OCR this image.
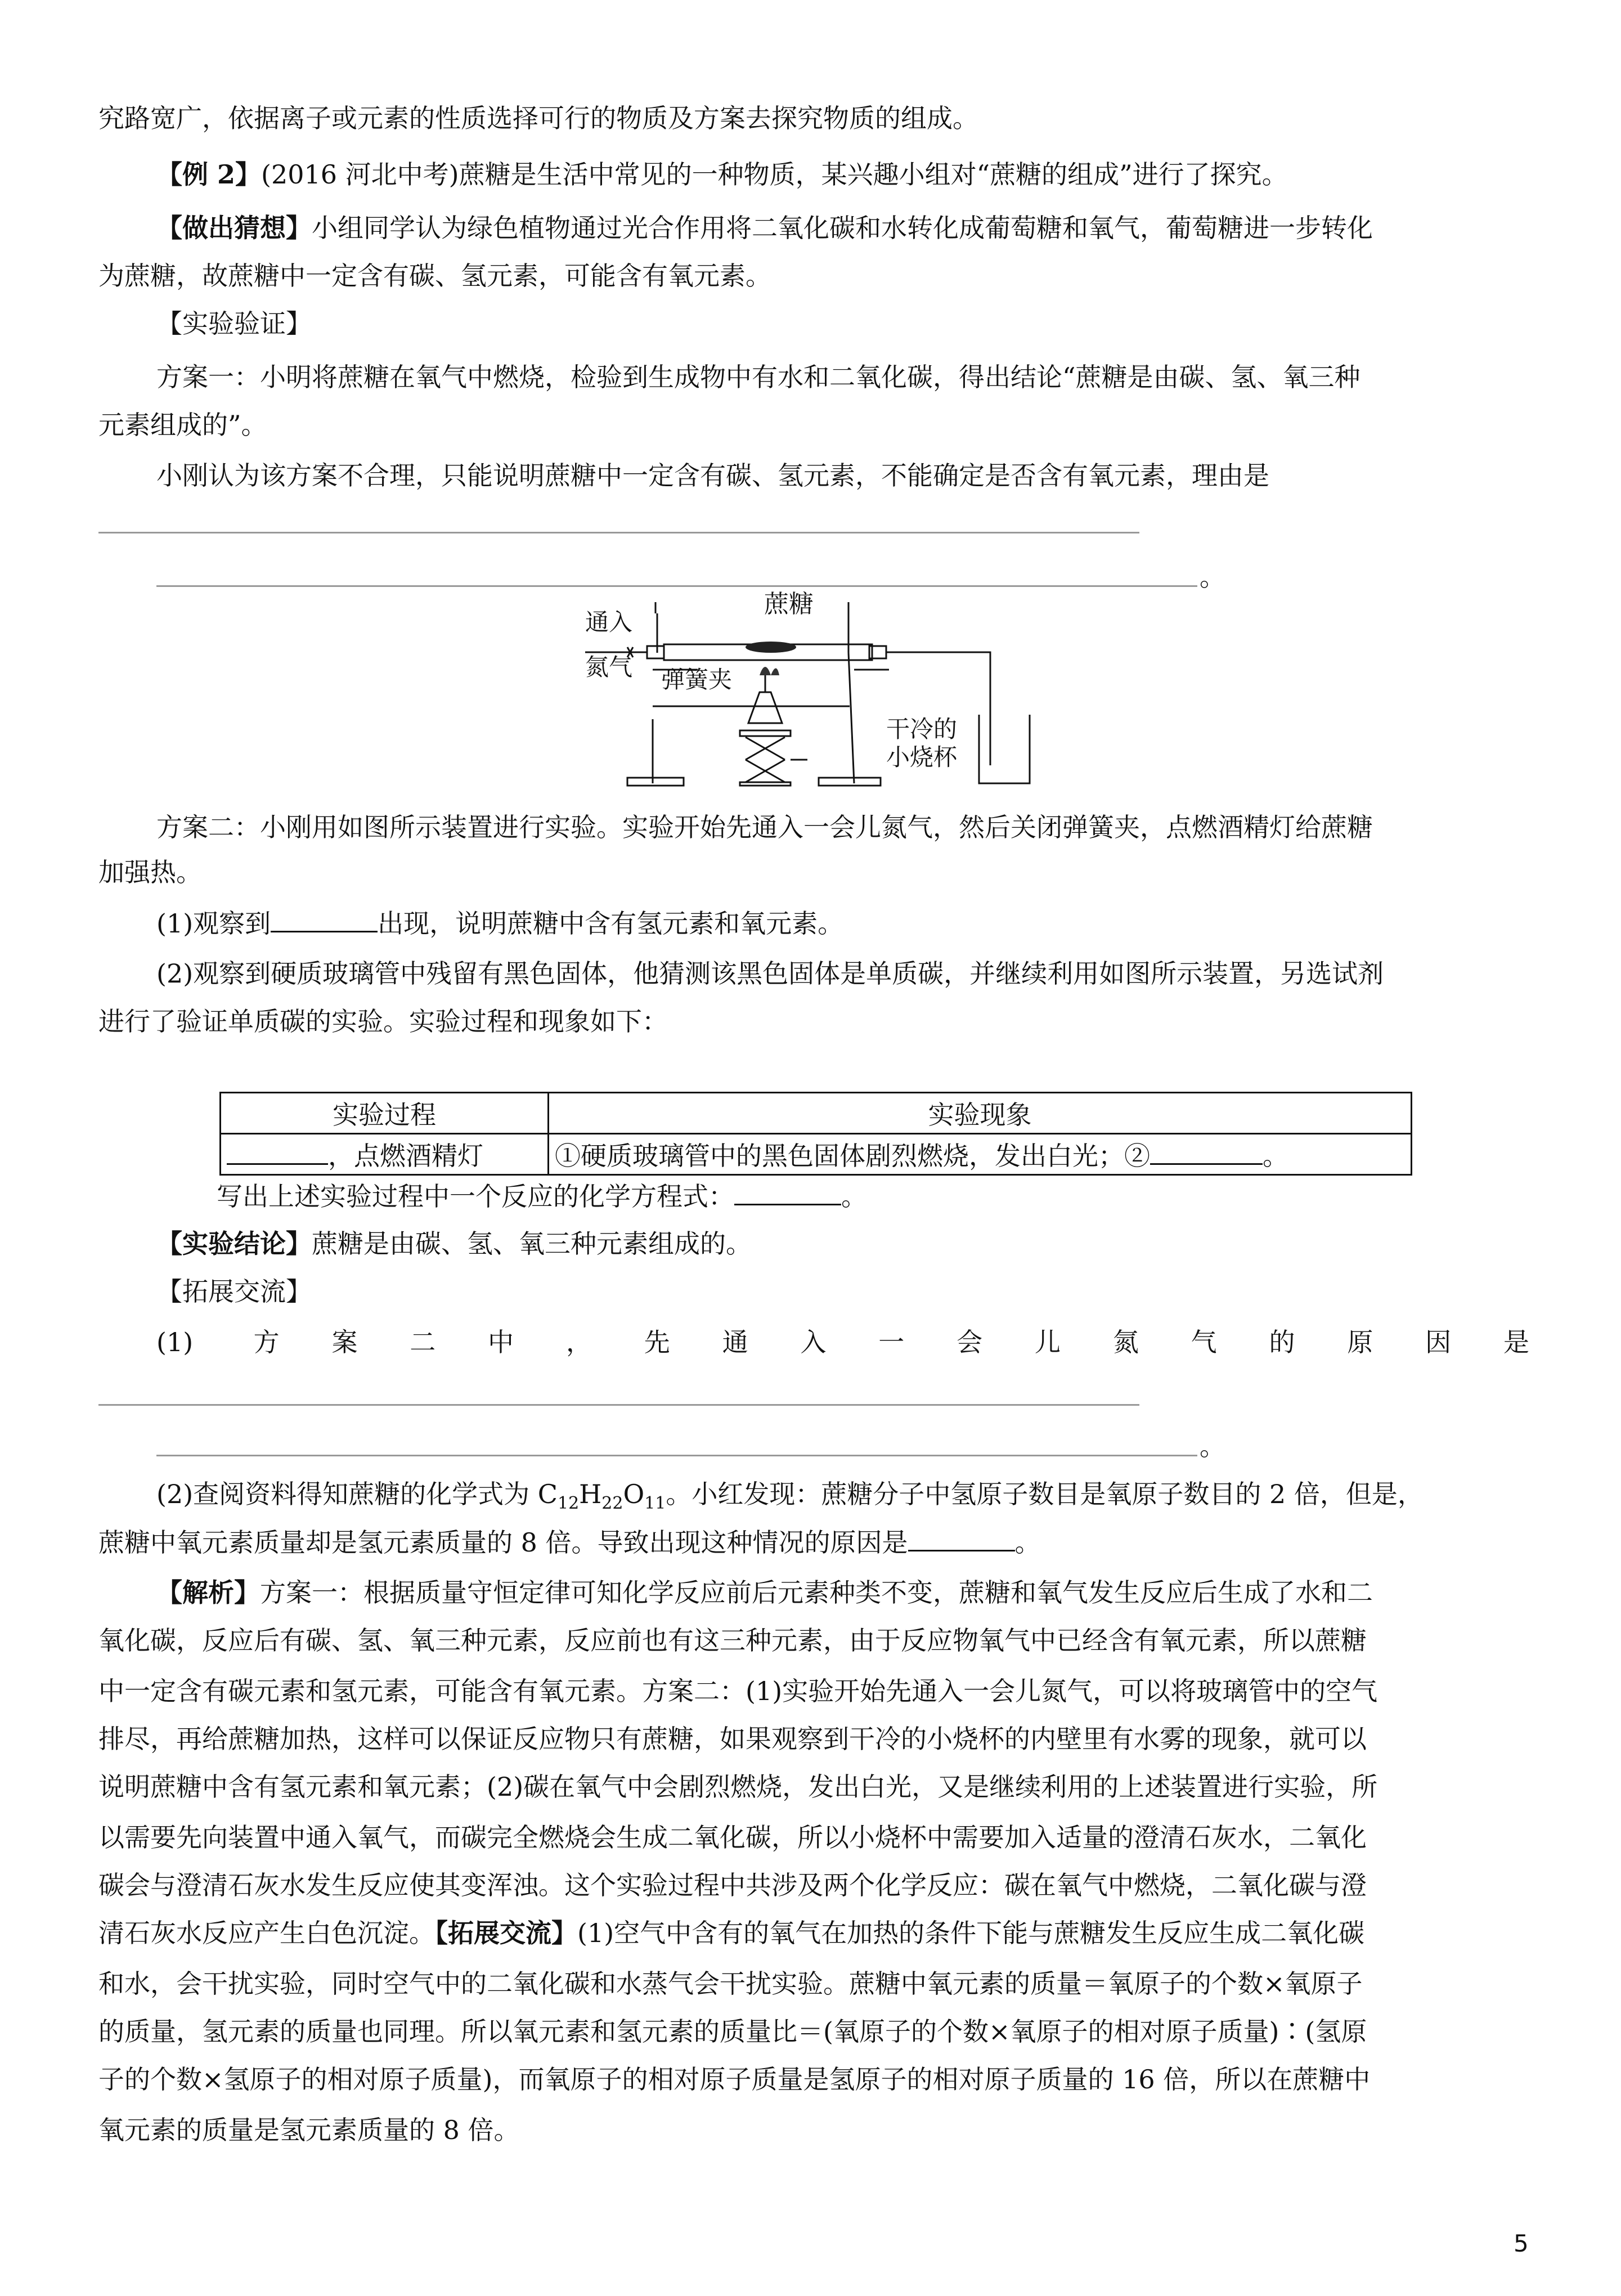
究路宽广，依据离子或元素的性质选择可行的物质及方案去探究物质的组成。
【例 2】(2016 河北中考)蔗糖是生活中常见的一种物质，某兴趣小组对“蔗糖的组成”进行了探究。
【做出猜想】小组同学认为绿色植物通过光合作用将二氧化碳和水转化成葡萄糖和氧气，葡萄糖进一步转化
为蔗糖，故蔗糖中一定含有碳、氢元素，可能含有氧元素。
【实验验证】
方案一：小明将蔗糖在氧气中燃烧，检验到生成物中有水和二氧化碳，得出结论“蔗糖是由碳、氢、氧三种
元素组成的”。
小刚认为该方案不合理，只能说明蔗糖中一定含有碳、氢元素，不能确定是否含有氧元素，理由是
。
蔗糖
通入
氮气 弹簧夹
干冷的
小烧杯
方案二：小刚用如图所示装置进行实验。实验开始先通入一会儿氮气，然后关闭弹簧夹，点燃酒精灯给蔗糖
加强热。
(1)观察到	出现，说明蔗糖中含有氢元素和氧元素。
(2)观察到硬质玻璃管中残留有黑色固体，他猜测该黑色固体是单质碳，并继续利用如图所示装置，另选试剂
进行了验证单质碳的实验。实验过程和现象如下：
实验过程	实验现象
，点燃酒精灯	①硬质玻璃管中的黑色固体剧烈燃烧，发出白光；② 。
写出上述实验过程中一个反应的化学方程式：	。
【实验结论】蔗糖是由碳、氢、氧三种元素组成的。
【拓展交流】
(1) 方案二中，先通入一会儿氮气的原因是
。
(2)查阅资料得知蔗糖的化学式为 $C_{12}H_{22}O_{11}$。小红发现：蔗糖分子中氢原子数目是氧原子数目的 2 倍，但是，
蔗糖中氧元素质量却是氢元素质量的 8 倍。导致出现这种情况的原因是	。
【解析】方案一：根据质量守恒定律可知化学反应前后元素种类不变，蔗糖和氧气发生反应后生成了水和二
氧化碳，反应后有碳、氢、氧三种元素，反应前也有这三种元素，由于反应物氧气中已经含有氧元素，所以蔗糖
中一定含有碳元素和氢元素，可能含有氧元素。方案二：(1)实验开始先通入一会儿氮气，可以将玻璃管中的空气
排尽，再给蔗糖加热，这样可以保证反应物只有蔗糖，如果观察到干冷的小烧杯的内壁里有水雾的现象，就可以
说明蔗糖中含有氢元素和氧元素；(2)碳在氧气中会剧烈燃烧，发出白光，又是继续利用的上述装置进行实验，所
以需要先向装置中通入氧气，而碳完全燃烧会生成二氧化碳，所以小烧杯中需要加入适量的澄清石灰水，二氧化
碳会与澄清石灰水发生反应使其变浑浊。这个实验过程中共涉及两个化学反应：碳在氧气中燃烧，二氧化碳与澄
清石灰水反应产生白色沉淀。【拓展交流】(1)空气中含有的氧气在加热的条件下能与蔗糖发生反应生成二氧化碳
和水，会干扰实验，同时空气中的二氧化碳和水蒸气会干扰实验。蔗糖中氧元素的质量＝氧原子的个数×氧原子
的质量，氢元素的质量也同理。所以氧元素和氢元素的质量比＝(氧原子的个数×氧原子的相对原子质量)∶(氢原
子的个数×氢原子的相对原子质量)，而氧原子的相对原子质量是氢原子的相对原子质量的 16 倍，所以在蔗糖中
氧元素的质量是氢元素质量的 8 倍。
5
